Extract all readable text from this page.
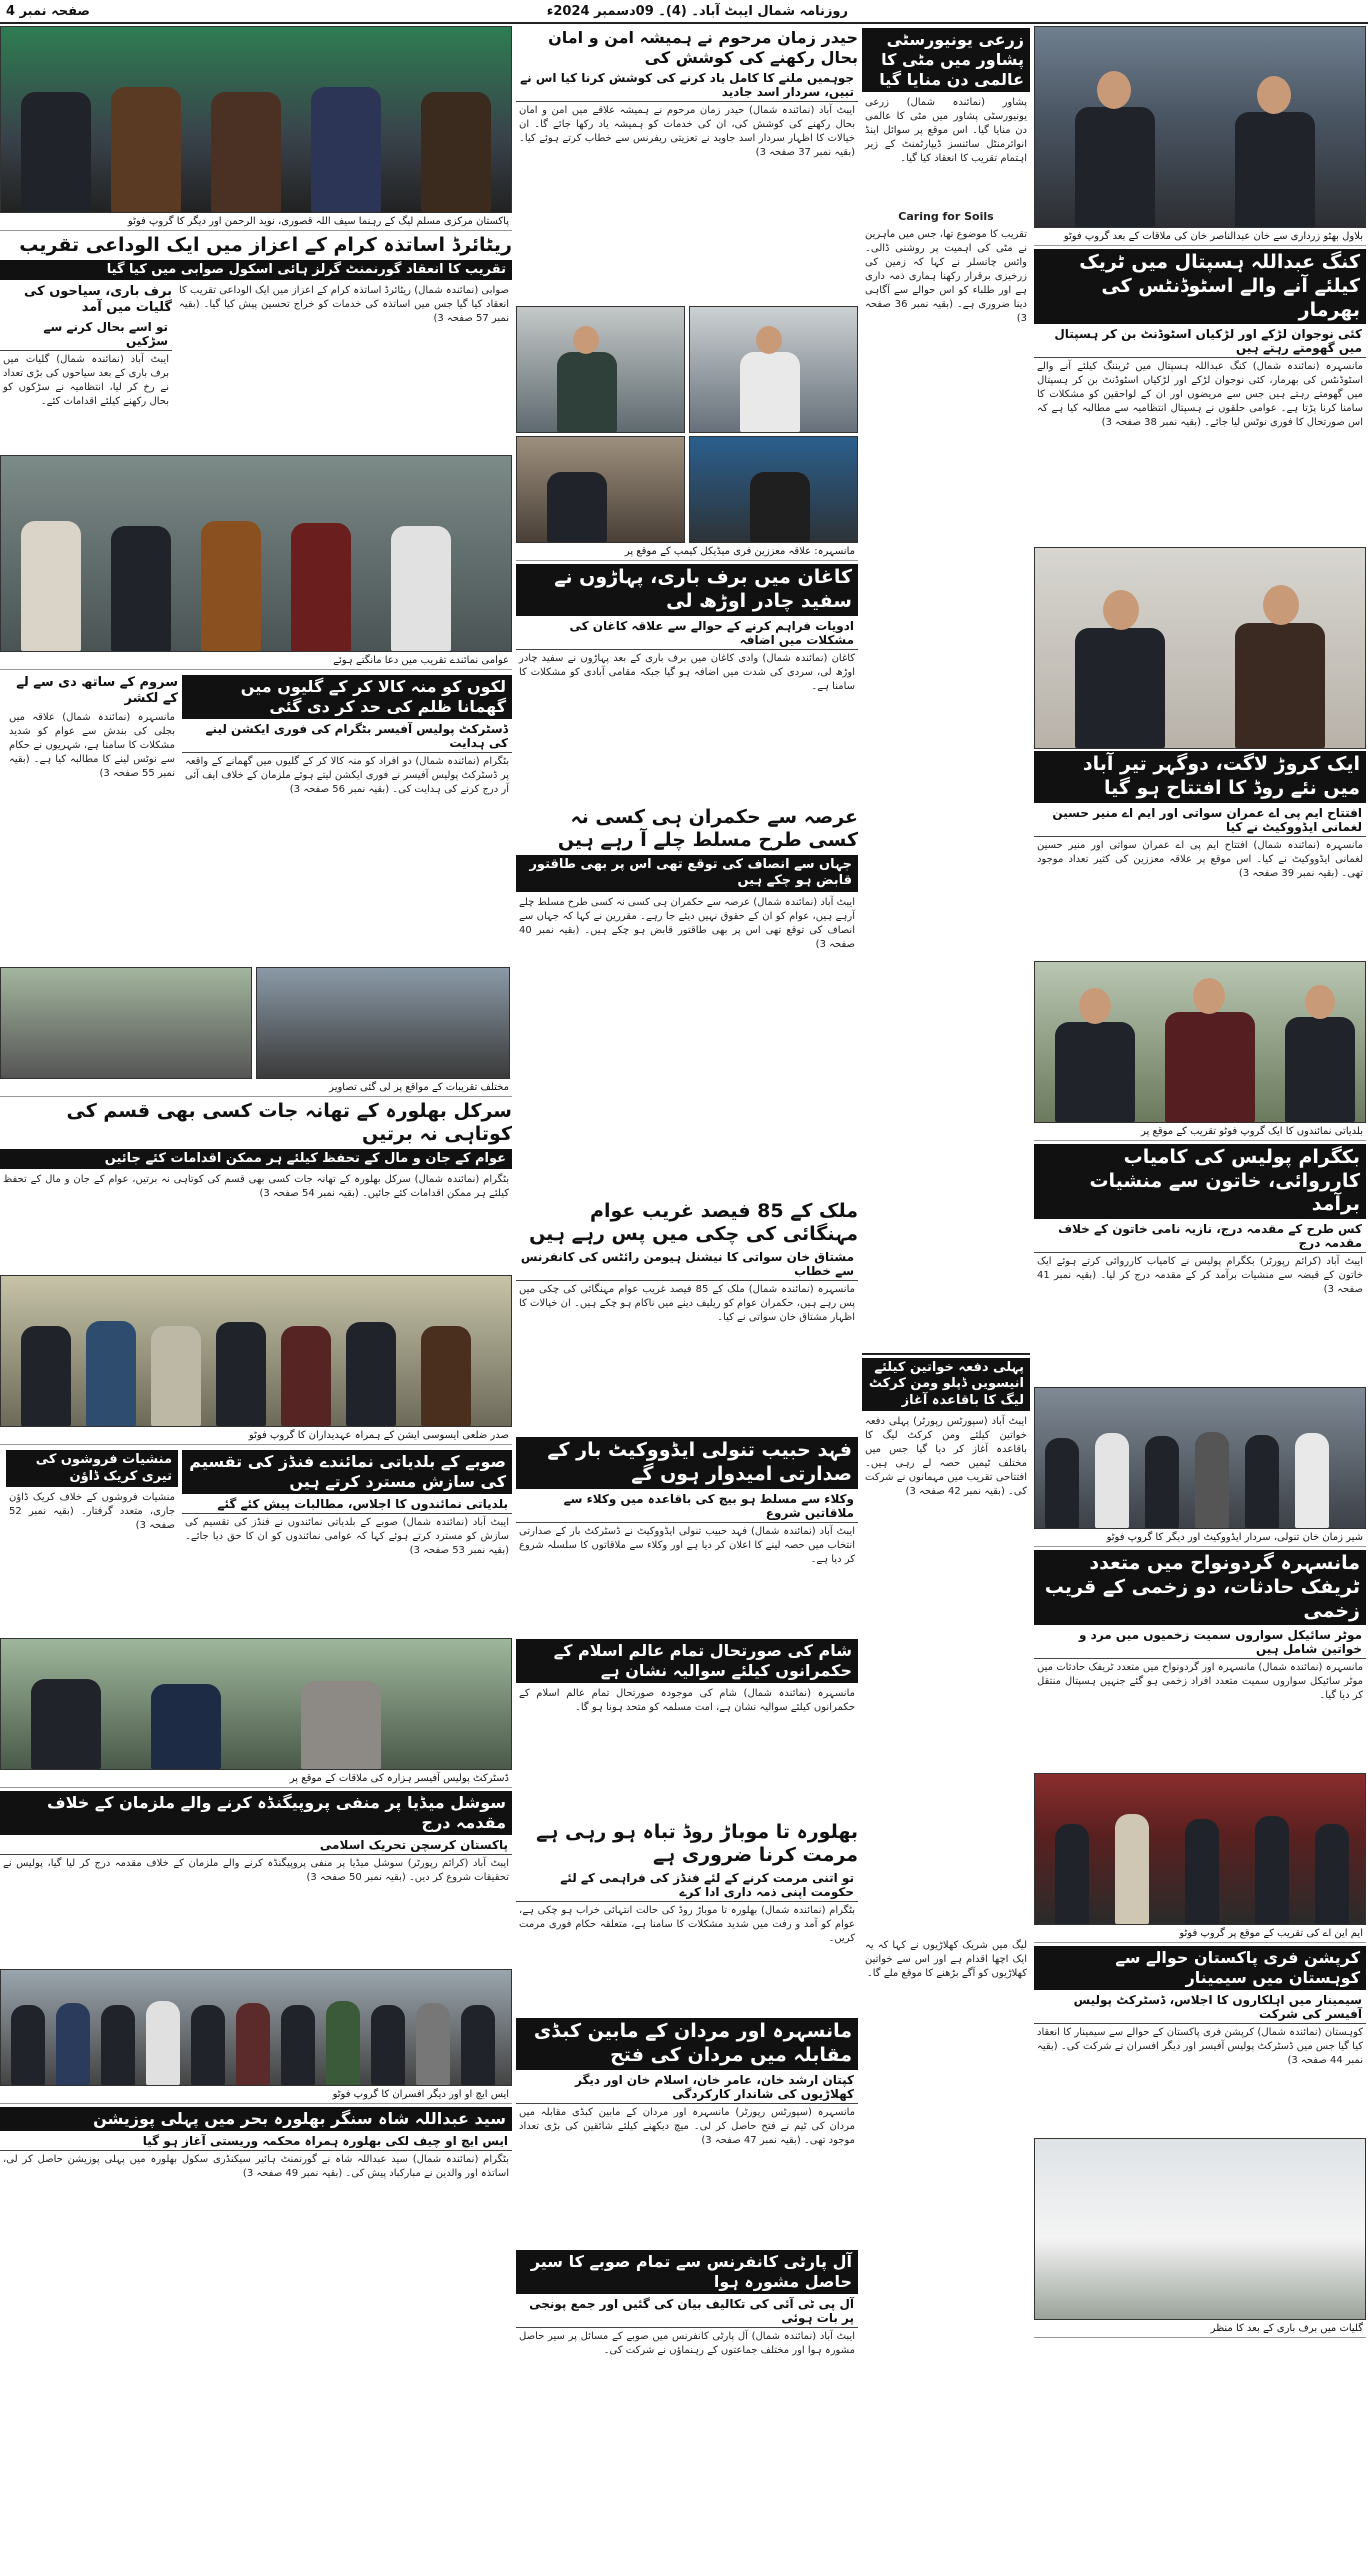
صفحہ نمبر 4	روزنامہ شمال ایبٹ آباد۔ (4)۔ 09دسمبر 2024ء
بلاول بھٹو زرداری سے خان عبدالناصر خان کی ملاقات کے بعد گروپ فوٹو
کنگ عبداللہ ہسپتال میں ٹریک کیلئے آنے والے اسٹوڈنٹس کی بھرمار
کئی نوجوان لڑکے اور لڑکیاں اسٹوڈنٹ بن کر ہسپتال میں گھومتے رہتے ہیں
مانسہرہ (نمائندہ شمال) کنگ عبداللہ ہسپتال میں ٹریننگ کیلئے آنے والے اسٹوڈنٹس کی بھرمار، کئی نوجوان لڑکے اور لڑکیاں اسٹوڈنٹ بن کر ہسپتال میں گھومتے رہتے ہیں جس سے مریضوں اور ان کے لواحقین کو مشکلات کا سامنا کرنا پڑتا ہے۔ عوامی حلقوں نے ہسپتال انتظامیہ سے مطالبہ کیا ہے کہ اس صورتحال کا فوری نوٹس لیا جائے۔ (بقیہ نمبر 38 صفحہ 3)
ایک کروڑ لاگت، دوگہر تیر آباد میں نئے روڈ کا افتتاح ہو گیا
افتتاح ایم پی اے عمران سواتی اور ایم اے منیر حسین لغمانی ایڈووکیٹ نے کیا
مانسہرہ (نمائندہ شمال) افتتاح ایم پی اے عمران سواتی اور منیر حسین لغمانی ایڈووکیٹ نے کیا۔ اس موقع پر علاقہ معززین کی کثیر تعداد موجود تھی۔ (بقیہ نمبر 39 صفحہ 3)
بلدیاتی نمائندوں کا ایک گروپ فوٹو تقریب کے موقع پر
بکگرام پولیس کی کامیاب کارروائی، خاتون سے منشیات برآمد
کس طرح کے مقدمہ درج، نازیہ نامی خاتون کے خلاف مقدمہ درج
ایبٹ آباد (کرائم رپورٹر) بکگرام پولیس نے کامیاب کارروائی کرتے ہوئے ایک خاتون کے قبضہ سے منشیات برآمد کر کے مقدمہ درج کر لیا۔ (بقیہ نمبر 41 صفحہ 3)
شیر زمان خان تنولی، سردار ایڈووکیٹ اور دیگر کا گروپ فوٹو
مانسہرہ گردونواح میں متعدد ٹریفک حادثات، دو زخمی کے قریب زخمی
موٹر سائیکل سواروں سمیت زخمیوں میں مرد و خواتین شامل ہیں
مانسہرہ (نمائندہ شمال) مانسہرہ اور گردونواح میں متعدد ٹریفک حادثات میں موٹر سائیکل سواروں سمیت متعدد افراد زخمی ہو گئے جنہیں ہسپتال منتقل کر دیا گیا۔
ایم این اے کی تقریب کے موقع پر گروپ فوٹو
کرپشن فری پاکستان حوالے سے کوہستان میں سیمینار
سیمینار میں اہلکاروں کا اجلاس، ڈسٹرکٹ پولیس آفیسر کی شرکت
کوہستان (نمائندہ شمال) کرپشن فری پاکستان کے حوالے سے سیمینار کا انعقاد کیا گیا جس میں ڈسٹرکٹ پولیس آفیسر اور دیگر افسران نے شرکت کی۔ (بقیہ نمبر 44 صفحہ 3)
گلیات میں برف باری کے بعد کا منظر
زرعی یونیورسٹی پشاور میں مٹی کا عالمی دن منایا گیا
پشاور (نمائندہ شمال) زرعی یونیورسٹی پشاور میں مٹی کا عالمی دن منایا گیا۔ اس موقع پر سوائل اینڈ انوائرمنٹل سائنسز ڈیپارٹمنٹ کے زیر اہتمام تقریب کا انعقاد کیا گیا۔
Caring for Soils
تقریب کا موضوع تھا، جس میں ماہرین نے مٹی کی اہمیت پر روشنی ڈالی۔ وائس چانسلر نے کہا کہ زمین کی زرخیزی برقرار رکھنا ہماری ذمہ داری ہے اور طلباء کو اس حوالے سے آگاہی دینا ضروری ہے۔ (بقیہ نمبر 36 صفحہ 3)
پہلی دفعہ خواتین کیلئے انیسویں ڈپلو ومن کرکٹ لیگ کا باقاعدہ آغاز
ایبٹ آباد (سپورٹس رپورٹر) پہلی دفعہ خواتین کیلئے ومن کرکٹ لیگ کا باقاعدہ آغاز کر دیا گیا جس میں مختلف ٹیمیں حصہ لے رہی ہیں۔ افتتاحی تقریب میں مہمانوں نے شرکت کی۔ (بقیہ نمبر 42 صفحہ 3)
لیگ میں شریک کھلاڑیوں نے کہا کہ یہ ایک اچھا اقدام ہے اور اس سے خواتین کھلاڑیوں کو آگے بڑھنے کا موقع ملے گا۔
حیدر زمان مرحوم نے ہمیشہ امن و امان بحال رکھنے کی کوشش کی
جوہمیں ملنے کا کامل یاد کرنے کی کوشش کرنا کیا اس نے تبیں، سردار اسد جادید
ایبٹ آباد (نمائندہ شمال) حیدر زمان مرحوم نے ہمیشہ علاقے میں امن و امان بحال رکھنے کی کوشش کی، ان کی خدمات کو ہمیشہ یاد رکھا جائے گا۔ ان خیالات کا اظہار سردار اسد جاوید نے تعزیتی ریفرنس سے خطاب کرتے ہوئے کیا۔ (بقیہ نمبر 37 صفحہ 3)
مانسہرہ: علاقہ معززین فری میڈیکل کیمپ کے موقع پر
کاغان میں برف باری، پہاڑوں نے سفید چادر اوڑھ لی
ادویات فراہم کرنے کے حوالے سے علاقہ کاغان کی مشکلات میں اضافہ
کاغان (نمائندہ شمال) وادی کاغان میں برف باری کے بعد پہاڑوں نے سفید چادر اوڑھ لی، سردی کی شدت میں اضافہ ہو گیا جبکہ مقامی آبادی کو مشکلات کا سامنا ہے۔
عرصہ سے حکمران ہی کسی نہ کسی طرح مسلط چلے آ رہے ہیں
جہاں سے انصاف کی توقع تھی اس پر بھی طاقتور قابض ہو چکے ہیں
ایبٹ آباد (نمائندہ شمال) عرصہ سے حکمران ہی کسی نہ کسی طرح مسلط چلے آرہے ہیں، عوام کو ان کے حقوق نہیں دیئے جا رہے۔ مقررین نے کہا کہ جہاں سے انصاف کی توقع تھی اس پر بھی طاقتور قابض ہو چکے ہیں۔ (بقیہ نمبر 40 صفحہ 3)
ملک کے 85 فیصد غریب عوام مہنگائی کی چکی میں پس رہے ہیں
مشتاق خان سواتی کا نیشنل ہیومن رائٹس کی کانفرنس سے خطاب
مانسہرہ (نمائندہ شمال) ملک کے 85 فیصد غریب عوام مہنگائی کی چکی میں پس رہے ہیں، حکمران عوام کو ریلیف دینے میں ناکام ہو چکے ہیں۔ ان خیالات کا اظہار مشتاق خان سواتی نے کیا۔
فہد حبیب تنولی ایڈووکیٹ بار کے صدارتی امیدوار ہوں گے
وکلاء سے مسلط ہو بیچ کی باقاعدہ میں وکلاء سے ملاقاتیں شروع
ایبٹ آباد (نمائندہ شمال) فہد حبیب تنولی ایڈووکیٹ نے ڈسٹرکٹ بار کے صدارتی انتخاب میں حصہ لینے کا اعلان کر دیا ہے اور وکلاء سے ملاقاتوں کا سلسلہ شروع کر دیا ہے۔
شام کی صورتحال تمام عالم اسلام کے حکمرانوں کیلئے سوالیہ نشان ہے
مانسہرہ (نمائندہ شمال) شام کی موجودہ صورتحال تمام عالم اسلام کے حکمرانوں کیلئے سوالیہ نشان ہے، امت مسلمہ کو متحد ہونا ہو گا۔
بھلورہ تا موباڑ روڈ تباہ ہو رہی ہے مرمت کرنا ضروری ہے
تو اتنی مرمت کرنے کے لئے فنڈز کی فراہمی کے لئے حکومت اپنی ذمہ داری ادا کرے
بٹگرام (نمائندہ شمال) بھلورہ تا موباڑ روڈ کی حالت انتہائی خراب ہو چکی ہے، عوام کو آمد و رفت میں شدید مشکلات کا سامنا ہے، متعلقہ حکام فوری مرمت کریں۔
مانسہرہ اور مردان کے مابین کبڈی مقابلہ میں مردان کی فتح
کپتان ارشد خان، عامر خان، اسلام خان اور دیگر کھلاڑیوں کی شاندار کارکردگی
مانسہرہ (سپورٹس رپورٹر) مانسہرہ اور مردان کے مابین کبڈی مقابلہ میں مردان کی ٹیم نے فتح حاصل کر لی۔ میچ دیکھنے کیلئے شائقین کی بڑی تعداد موجود تھی۔ (بقیہ نمبر 47 صفحہ 3)
آل پارٹی کانفرنس سے تمام صوبے کا سیر حاصل مشورہ ہوا
آل پی ٹی آئی کی تکالیف بیان کی گئیں اور جمع پونجی پر بات ہوئی
ایبٹ آباد (نمائندہ شمال) آل پارٹی کانفرنس میں صوبے کے مسائل پر سیر حاصل مشورہ ہوا اور مختلف جماعتوں کے رہنماؤں نے شرکت کی۔
پاکستان مرکزی مسلم لیگ کے رہنما سیف اللہ قصوری، نوید الرحمن اور دیگر کا گروپ فوٹو
ریٹائرڈ اساتذہ کرام کے اعزاز میں ایک الوداعی تقریب
تقریب کا انعقاد گورنمنٹ گرلز ہائی اسکول صوابی میں کیا گیا
صوابی (نمائندہ شمال) ریٹائرڈ اساتذہ کرام کے اعزاز میں ایک الوداعی تقریب کا انعقاد کیا گیا جس میں اساتذہ کی خدمات کو خراج تحسین پیش کیا گیا۔ (بقیہ نمبر 57 صفحہ 3)
برف باری، سیاحوں کی گلیات میں آمد
تو اسے بحال کرنے سے سڑکیں
ایبٹ آباد (نمائندہ شمال) گلیات میں برف باری کے بعد سیاحوں کی بڑی تعداد نے رخ کر لیا، انتظامیہ نے سڑکوں کو بحال رکھنے کیلئے اقدامات کئے۔
عوامی نمائندے تقریب میں دعا مانگتے ہوئے
لکوں کو منہ کالا کر کے گلیوں میں گھمانا ظلم کی حد کر دی گئی
ڈسٹرکٹ پولیس آفیسر بٹگرام کی فوری ایکشن لینے کی ہدایت
بٹگرام (نمائندہ شمال) دو افراد کو منہ کالا کر کے گلیوں میں گھمانے کے واقعہ پر ڈسٹرکٹ پولیس آفیسر نے فوری ایکشن لیتے ہوئے ملزمان کے خلاف ایف آئی آر درج کرنے کی ہدایت کی۔ (بقیہ نمبر 56 صفحہ 3)
سروم کے ساتھ دی سے لے کے لکشر
مانسہرہ (نمائندہ شمال) علاقہ میں بجلی کی بندش سے عوام کو شدید مشکلات کا سامنا ہے، شہریوں نے حکام سے نوٹس لینے کا مطالبہ کیا ہے۔ (بقیہ نمبر 55 صفحہ 3)
مختلف تقریبات کے مواقع پر لی گئی تصاویر
سرکل بھلورہ کے تھانہ جات کسی بھی قسم کی کوتاہی نہ برتیں
عوام کے جان و مال کے تحفظ کیلئے ہر ممکن اقدامات کئے جائیں
بٹگرام (نمائندہ شمال) سرکل بھلورہ کے تھانہ جات کسی بھی قسم کی کوتاہی نہ برتیں، عوام کے جان و مال کے تحفظ کیلئے ہر ممکن اقدامات کئے جائیں۔ (بقیہ نمبر 54 صفحہ 3)
صدر ضلعی ایسوسی ایشن کے ہمراہ عہدیداران کا گروپ فوٹو
صوبے کے بلدیاتی نمائندے فنڈز کی تقسیم کی سازش مسترد کرتے ہیں
بلدیاتی نمائندوں کا اجلاس، مطالبات پیش کئے گئے
ایبٹ آباد (نمائندہ شمال) صوبے کے بلدیاتی نمائندوں نے فنڈز کی تقسیم کی سازش کو مسترد کرتے ہوئے کہا کہ عوامی نمائندوں کو ان کا حق دیا جائے۔ (بقیہ نمبر 53 صفحہ 3)
منشیات فروشوں کی تیری کریک ڈاؤن
منشیات فروشوں کے خلاف کریک ڈاؤن جاری، متعدد گرفتار۔ (بقیہ نمبر 52 صفحہ 3)
ڈسٹرکٹ پولیس آفیسر ہزارہ کی ملاقات کے موقع پر
سوشل میڈیا پر منفی پروپیگنڈہ کرنے والے ملزمان کے خلاف مقدمہ درج
پاکستان کرسچن تحریک اسلامی
ایبٹ آباد (کرائم رپورٹر) سوشل میڈیا پر منفی پروپیگنڈہ کرنے والے ملزمان کے خلاف مقدمہ درج کر لیا گیا، پولیس نے تحقیقات شروع کر دیں۔ (بقیہ نمبر 50 صفحہ 3)
ایس ایچ او اور دیگر افسران کا گروپ فوٹو
سید عبداللہ شاہ سنگر بھلورہ بحر میں پہلی پوزیشن
ایس ایچ او چیف لکی بھلورہ ہمراہ محکمہ وریستی آغاز ہو گیا
بٹگرام (نمائندہ شمال) سید عبداللہ شاہ نے گورنمنٹ ہائیر سیکنڈری سکول بھلورہ میں پہلی پوزیشن حاصل کر لی، اساتذہ اور والدین نے مبارکباد پیش کی۔ (بقیہ نمبر 49 صفحہ 3)
